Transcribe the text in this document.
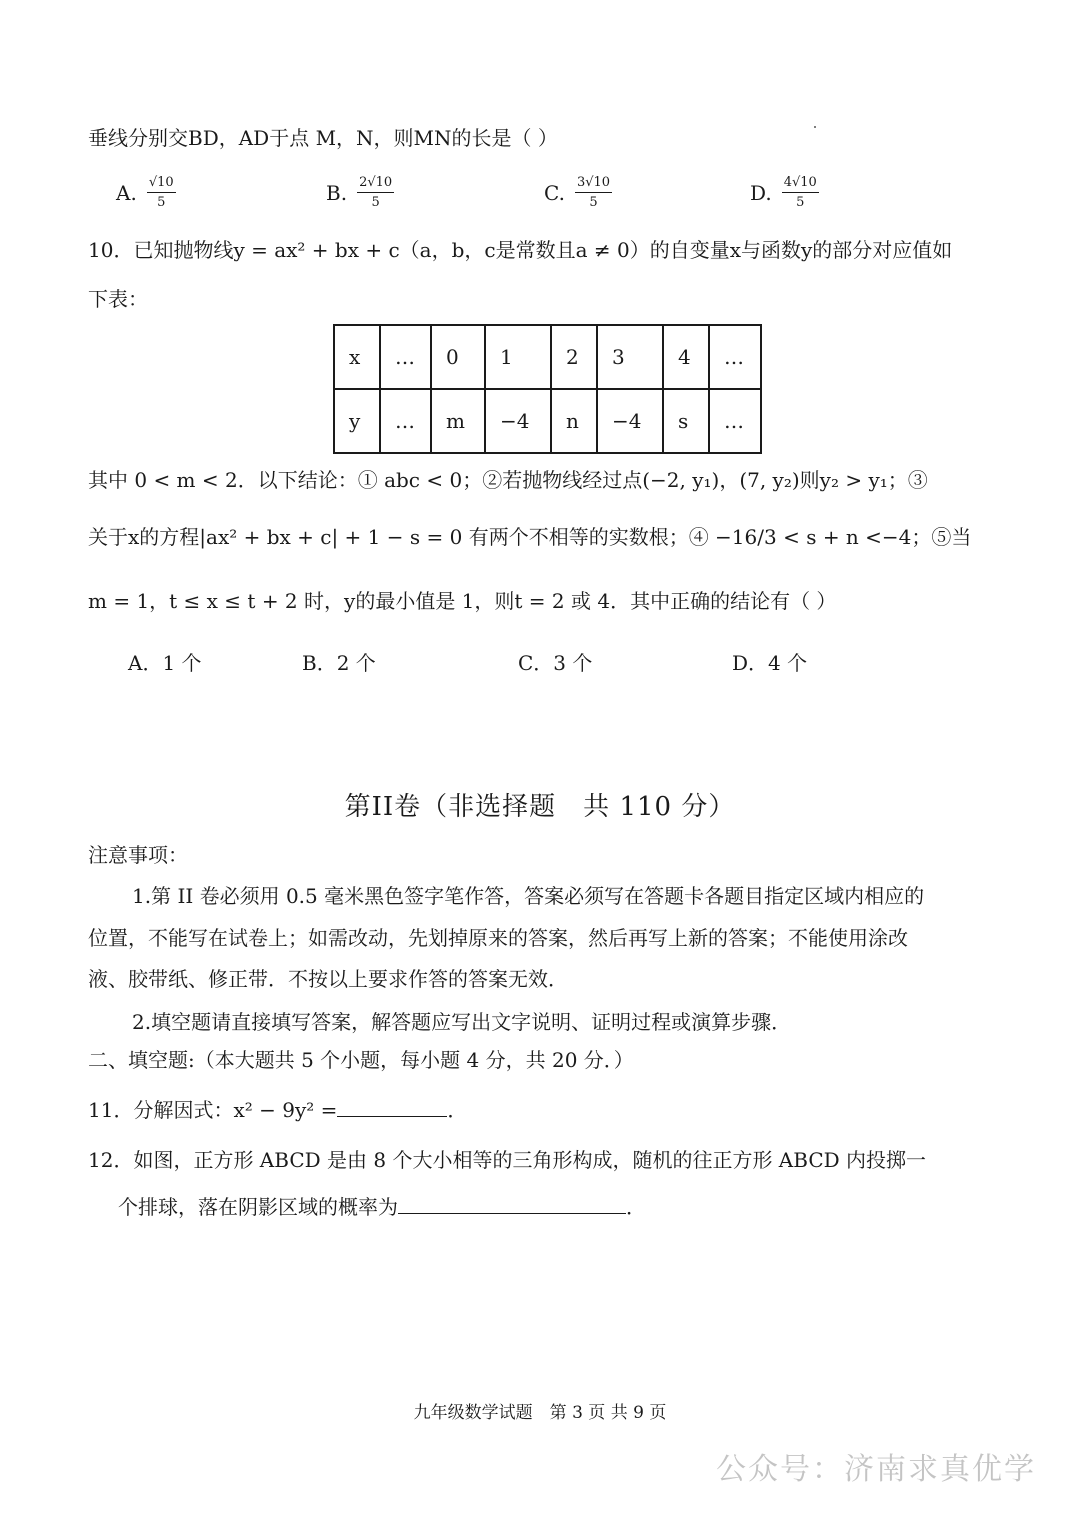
垂线分别交BD，AD于点 M，N，则MN的长是（ ）
A. $\frac{√10}{5}$	B. $\frac{2√10}{5}$	C. $\frac{3√10}{5}$	D. $\frac{4√10}{5}$
10．已知抛物线y = ax² + bx + c（a，b，c是常数且a ≠ 0）的自变量x与函数y的部分对应值如
下表：
x	…	0	1	2	3	4	…
y	…	m	−4	n	−4	s	…
其中 0 < m < 2．以下结论：① abc < 0；②若抛物线经过点(−2, y₁)，(7, y₂)则y₂ > y₁；③
关于x的方程|ax² + bx + c| + 1 − s = 0 有两个不相等的实数根；④ −16/3 < s + n <−4；⑤当
m = 1，t ≤ x ≤ t + 2 时，y的最小值是 1，则t = 2 或 4．其中正确的结论有（ ）
A．1 个	B．2 个	C．3 个	D．4 个
第II卷（非选择题　共 110 分）
注意事项：
1.第 II 卷必须用 0.5 毫米黑色签字笔作答，答案必须写在答题卡各题目指定区域内相应的
位置，不能写在试卷上；如需改动，先划掉原来的答案，然后再写上新的答案；不能使用涂改
液、胶带纸、修正带．不按以上要求作答的答案无效．
2.填空题请直接填写答案，解答题应写出文字说明、证明过程或演算步骤．
二、填空题:（本大题共 5 个小题，每小题 4 分，共 20 分．）
11．分解因式：x² − 9y² =	．
12．如图，正方形 ABCD 是由 8 个大小相等的三角形构成，随机的往正方形 ABCD 内投掷一
个排球，落在阴影区域的概率为	．
九年级数学试题　第 3 页 共 9 页
公众号：济南求真优学
